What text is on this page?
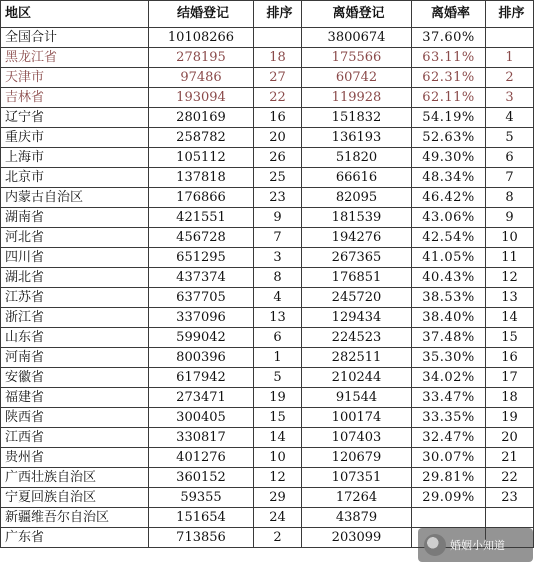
地区	结婚登记	排序	离婚登记	离婚率	排序
全国合计	10108266		3800674	37.60%	
黑龙江省	278195	18	175566	63.11%	1
天津市	97486	27	60742	62.31%	2
吉林省	193094	22	119928	62.11%	3
辽宁省	280169	16	151832	54.19%	4
重庆市	258782	20	136193	52.63%	5
上海市	105112	26	51820	49.30%	6
北京市	137818	25	66616	48.34%	7
内蒙古自治区	176866	23	82095	46.42%	8
湖南省	421551	9	181539	43.06%	9
河北省	456728	7	194276	42.54%	10
四川省	651295	3	267365	41.05%	11
湖北省	437374	8	176851	40.43%	12
江苏省	637705	4	245720	38.53%	13
浙江省	337096	13	129434	38.40%	14
山东省	599042	6	224523	37.48%	15
河南省	800396	1	282511	35.30%	16
安徽省	617942	5	210244	34.02%	17
福建省	273471	19	91544	33.47%	18
陕西省	300405	15	100174	33.35%	19
江西省	330817	14	107403	32.47%	20
贵州省	401276	10	120679	30.07%	21
广西壮族自治区	360152	12	107351	29.81%	22
宁夏回族自治区	59355	29	17264	29.09%	23
新疆维吾尔自治区	151654	24	43879		
广东省	713856	2	203099		
婚姻小知道
